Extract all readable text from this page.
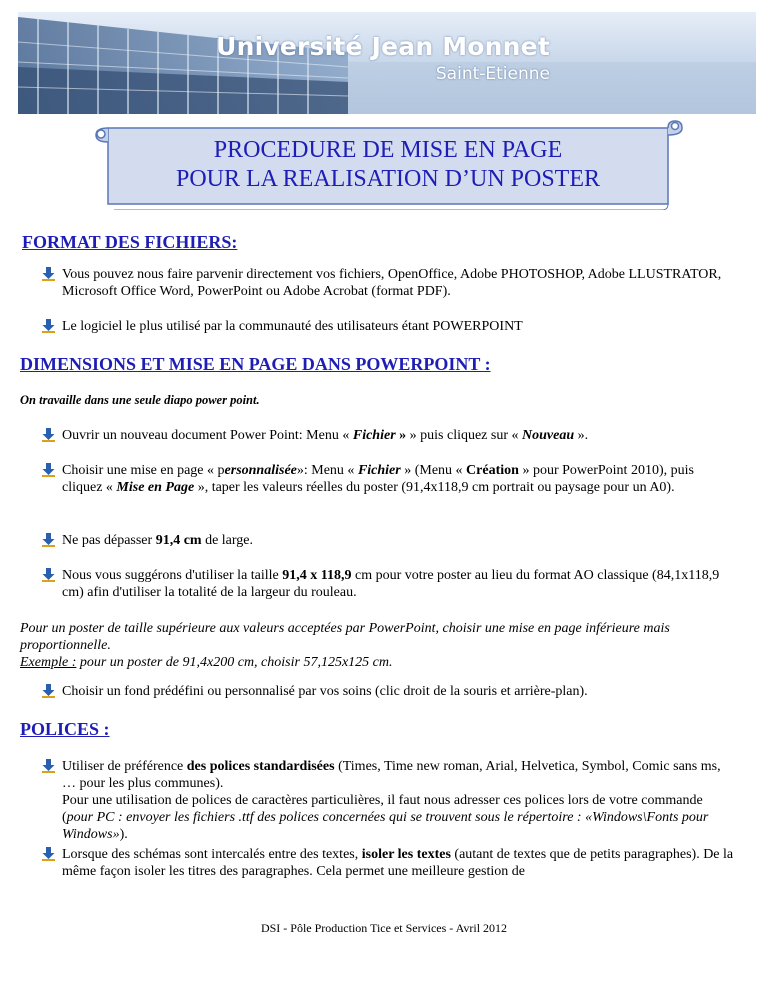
Université Jean Monnet
Saint-Etienne
PROCEDURE DE MISE EN PAGE
POUR LA REALISATION D’UN POSTER
FORMAT DES FICHIERS:
Vous pouvez nous faire parvenir directement vos fichiers, OpenOffice, Adobe PHOTOSHOP, Adobe LLUSTRATOR, Microsoft Office Word, PowerPoint ou Adobe Acrobat (format PDF).
Le logiciel le plus utilisé par la communauté des utilisateurs étant POWERPOINT
DIMENSIONS ET MISE EN PAGE DANS POWERPOINT :
On travaille dans une seule diapo power point.
Ouvrir un nouveau document Power Point: Menu « Fichier » » puis cliquez sur « Nouveau ».
Choisir une mise en page « personnalisée»: Menu « Fichier » (Menu « Création » pour PowerPoint 2010), puis cliquez « Mise en Page », taper les valeurs réelles du poster (91,4x118,9 cm portrait ou paysage pour un A0).
Ne pas dépasser 91,4 cm de large.
Nous vous suggérons d'utiliser la taille 91,4 x 118,9 cm pour votre poster au lieu du format AO classique (84,1x118,9 cm) afin d'utiliser la totalité de la largeur du rouleau.
Pour un poster de taille supérieure aux valeurs acceptées par PowerPoint, choisir une mise en page inférieure mais proportionnelle.
Exemple : pour un poster de 91,4x200 cm, choisir 57,125x125 cm.
Choisir un fond prédéfini ou personnalisé par vos soins (clic droit de la souris et arrière-plan).
POLICES :
Utiliser de préférence des polices standardisées (Times, Time new roman, Arial, Helvetica, Symbol, Comic sans ms, … pour les plus communes).
Pour une utilisation de polices de caractères particulières, il faut nous adresser ces polices lors de votre commande (pour PC : envoyer les fichiers .ttf des polices concernées qui se trouvent sous le répertoire : «Windows\Fonts pour Windows»).
Lorsque des schémas sont intercalés entre des textes, isoler les textes (autant de textes que de petits paragraphes). De la même façon isoler les titres des paragraphes. Cela permet une meilleure gestion de
DSI - Pôle Production Tice et Services - Avril 2012
